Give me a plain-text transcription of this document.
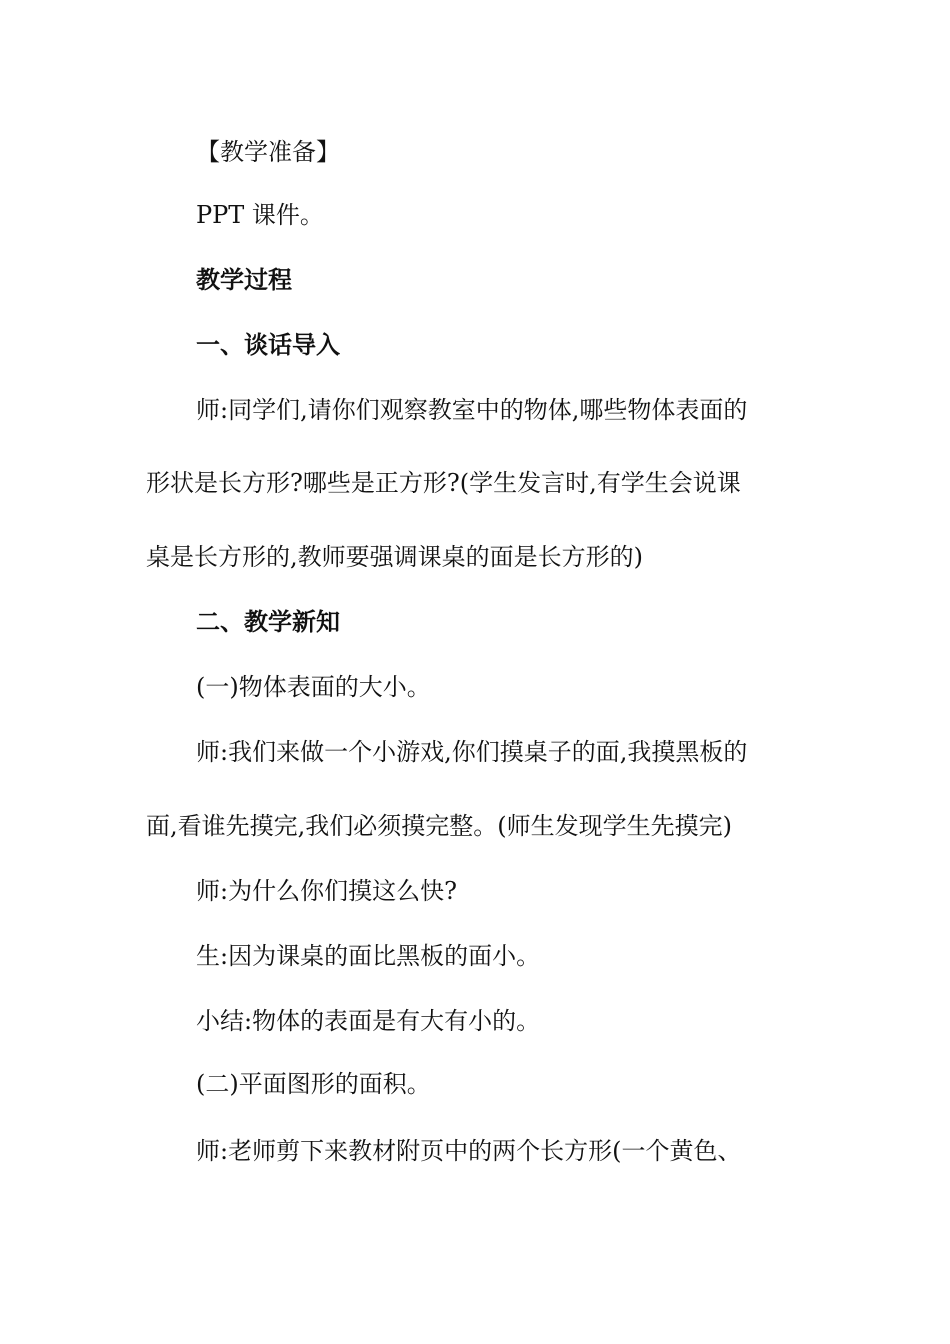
【教学准备】
PPT 课件。
教学过程
一、谈话导入
师:同学们,请你们观察教室中的物体,哪些物体表面的
形状是长方形?哪些是正方形?(学生发言时,有学生会说课
桌是长方形的,教师要强调课桌的面是长方形的)
二、教学新知
(一)物体表面的大小。
师:我们来做一个小游戏,你们摸桌子的面,我摸黑板的
面,看谁先摸完,我们必须摸完整。(师生发现学生先摸完)
师:为什么你们摸这么快?
生:因为课桌的面比黑板的面小。
小结:物体的表面是有大有小的。
(二)平面图形的面积。
师:老师剪下来教材附页中的两个长方形(一个黄色、
